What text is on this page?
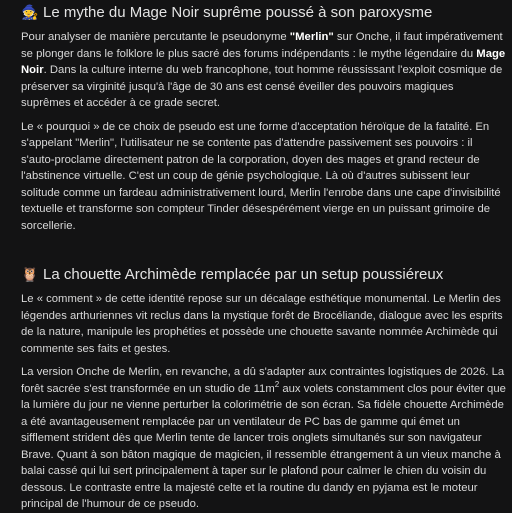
🧙 Le mythe du Mage Noir suprême poussé à son paroxysme

Pour analyser de manière percutante le pseudonyme "Merlin" sur Onche, il faut impérativement se plonger dans le folklore le plus sacré des forums indépendants : le mythe légendaire du Mage Noir. Dans la culture interne du web francophone, tout homme réussissant l'exploit cosmique de préserver sa virginité jusqu'à l'âge de 30 ans est censé éveiller des pouvoirs magiques suprêmes et accéder à ce grade secret.

Le « pourquoi » de ce choix de pseudo est une forme d'acceptation héroïque de la fatalité. En s'appelant "Merlin", l'utilisateur ne se contente pas d'attendre passivement ses pouvoirs : il s'auto-proclame directement patron de la corporation, doyen des mages et grand recteur de l'abstinence virtuelle. C'est un coup de génie psychologique. Là où d'autres subissent leur solitude comme un fardeau administrativement lourd, Merlin l'enrobe dans une cape d'invisibilité textuelle et transforme son compteur Tinder désespérément vierge en un puissant grimoire de sorcellerie.

🦉 La chouette Archimède remplacée par un setup poussiéreux

Le « comment » de cette identité repose sur un décalage esthétique monumental. Le Merlin des légendes arthuriennes vit reclus dans la mystique forêt de Brocéliande, dialogue avec les esprits de la nature, manipule les prophéties et possède une chouette savante nommée Archimède qui commente ses faits et gestes.

La version Onche de Merlin, en revanche, a dû s'adapter aux contraintes logistiques de 2026. La forêt sacrée s'est transformée en un studio de $11m^2$ aux volets constamment clos pour éviter que la lumière du jour ne vienne perturber la colorimétrie de son écran. Sa fidèle chouette Archimède a été avantageusement remplacée par un ventilateur de PC bas de gamme qui émet un sifflement strident dès que Merlin tente de lancer trois onglets simultanés sur son navigateur Brave. Quant à son bâton magique de magicien, il ressemble étrangement à un vieux manche à balai cassé qui lui sert principalement à taper sur le plafond pour calmer le chien du voisin du dessous. Le contraste entre la majesté celte et la routine du dandy en pyjama est le moteur principal de l'humour de ce pseudo.
